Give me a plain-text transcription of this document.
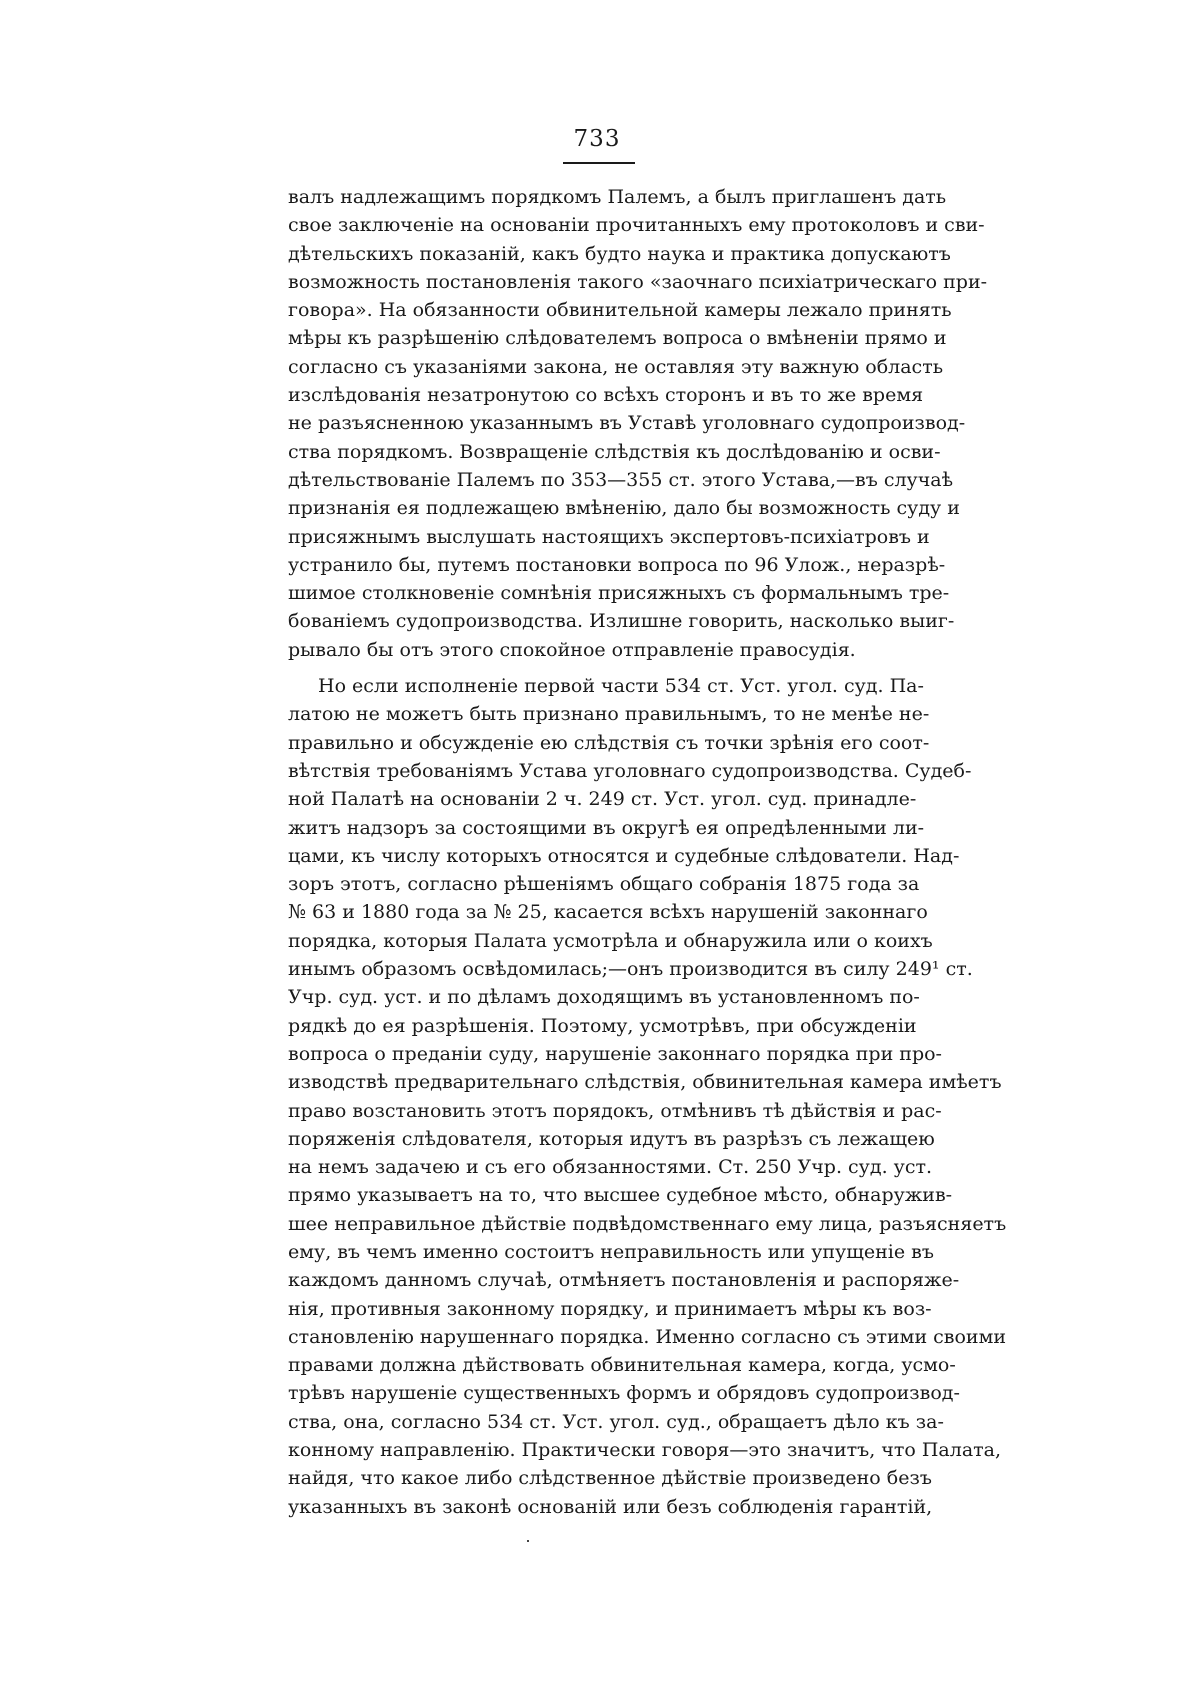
733
валъ надлежащимъ порядкомъ Палемъ, а былъ приглашенъ дать
свое заключеніе на основаніи прочитанныхъ ему протоколовъ и сви-
дѣтельскихъ показаній, какъ будто наука и практика допускаютъ
возможность постановленія такого «заочнаго психіатрическаго при-
говора». На обязанности обвинительной камеры лежало принять
мѣры къ разрѣшенію слѣдователемъ вопроса о вмѣненіи прямо и
согласно съ указаніями закона, не оставляя эту важную область
изслѣдованія незатронутою со всѣхъ сторонъ и въ то же время
не разъясненною указаннымъ въ Уставѣ уголовнаго судопроизвод-
ства порядкомъ. Возвращеніе слѣдствія къ дослѣдованію и осви-
дѣтельствованіе Палемъ по 353—355 ст. этого Устава,—въ случаѣ
признанія ея подлежащею вмѣненію, дало бы возможность суду и
присяжнымъ выслушать настоящихъ экспертовъ-психіатровъ и
устранило бы, путемъ постановки вопроса по 96 Улож., неразрѣ-
шимое столкновеніе сомнѣнія присяжныхъ съ формальнымъ тре-
бованіемъ судопроизводства. Излишне говорить, насколько выиг-
рывало бы отъ этого спокойное отправленіе правосудія.
Но если исполненіе первой части 534 ст. Уст. угол. суд. Па-
латою не можетъ быть признано правильнымъ, то не менѣе не-
правильно и обсужденіе ею слѣдствія съ точки зрѣнія его соот-
вѣтствія требованіямъ Устава уголовнаго судопроизводства. Судеб-
ной Палатѣ на основаніи 2 ч. 249 ст. Уст. угол. суд. принадле-
житъ надзоръ за состоящими въ округѣ ея опредѣленными ли-
цами, къ числу которыхъ относятся и судебные слѣдователи. Над-
зоръ этотъ, согласно рѣшеніямъ общаго собранія 1875 года за
№ 63 и 1880 года за № 25, касается всѣхъ нарушеній законнаго
порядка, которыя Палата усмотрѣла и обнаружила или о коихъ
инымъ образомъ освѣдомилась;—онъ производится въ силу 249¹ ст.
Учр. суд. уст. и по дѣламъ доходящимъ въ установленномъ по-
рядкѣ до ея разрѣшенія. Поэтому, усмотрѣвъ, при обсужденіи
вопроса о преданіи суду, нарушеніе законнаго порядка при про-
изводствѣ предварительнаго слѣдствія, обвинительная камера имѣетъ
право возстановить этотъ порядокъ, отмѣнивъ тѣ дѣйствія и рас-
поряженія слѣдователя, которыя идутъ въ разрѣзъ съ лежащею
на немъ задачею и съ его обязанностями. Ст. 250 Учр. суд. уст.
прямо указываетъ на то, что высшее судебное мѣсто, обнаружив-
шее неправильное дѣйствіе подвѣдомственнаго ему лица, разъясняетъ
ему, въ чемъ именно состоитъ неправильность или упущеніе въ
каждомъ данномъ случаѣ, отмѣняетъ постановленія и распоряже-
нія, противныя законному порядку, и принимаетъ мѣры къ воз-
становленію нарушеннаго порядка. Именно согласно съ этими своими
правами должна дѣйствовать обвинительная камера, когда, усмо-
трѣвъ нарушеніе существенныхъ формъ и обрядовъ судопроизвод-
ства, она, согласно 534 ст. Уст. угол. суд., обращаетъ дѣло къ за-
конному направленію. Практически говоря—это значитъ, что Палата,
найдя, что какое либо слѣдственное дѣйствіе произведено безъ
указанныхъ въ законѣ основаній или безъ соблюденія гарантій,
